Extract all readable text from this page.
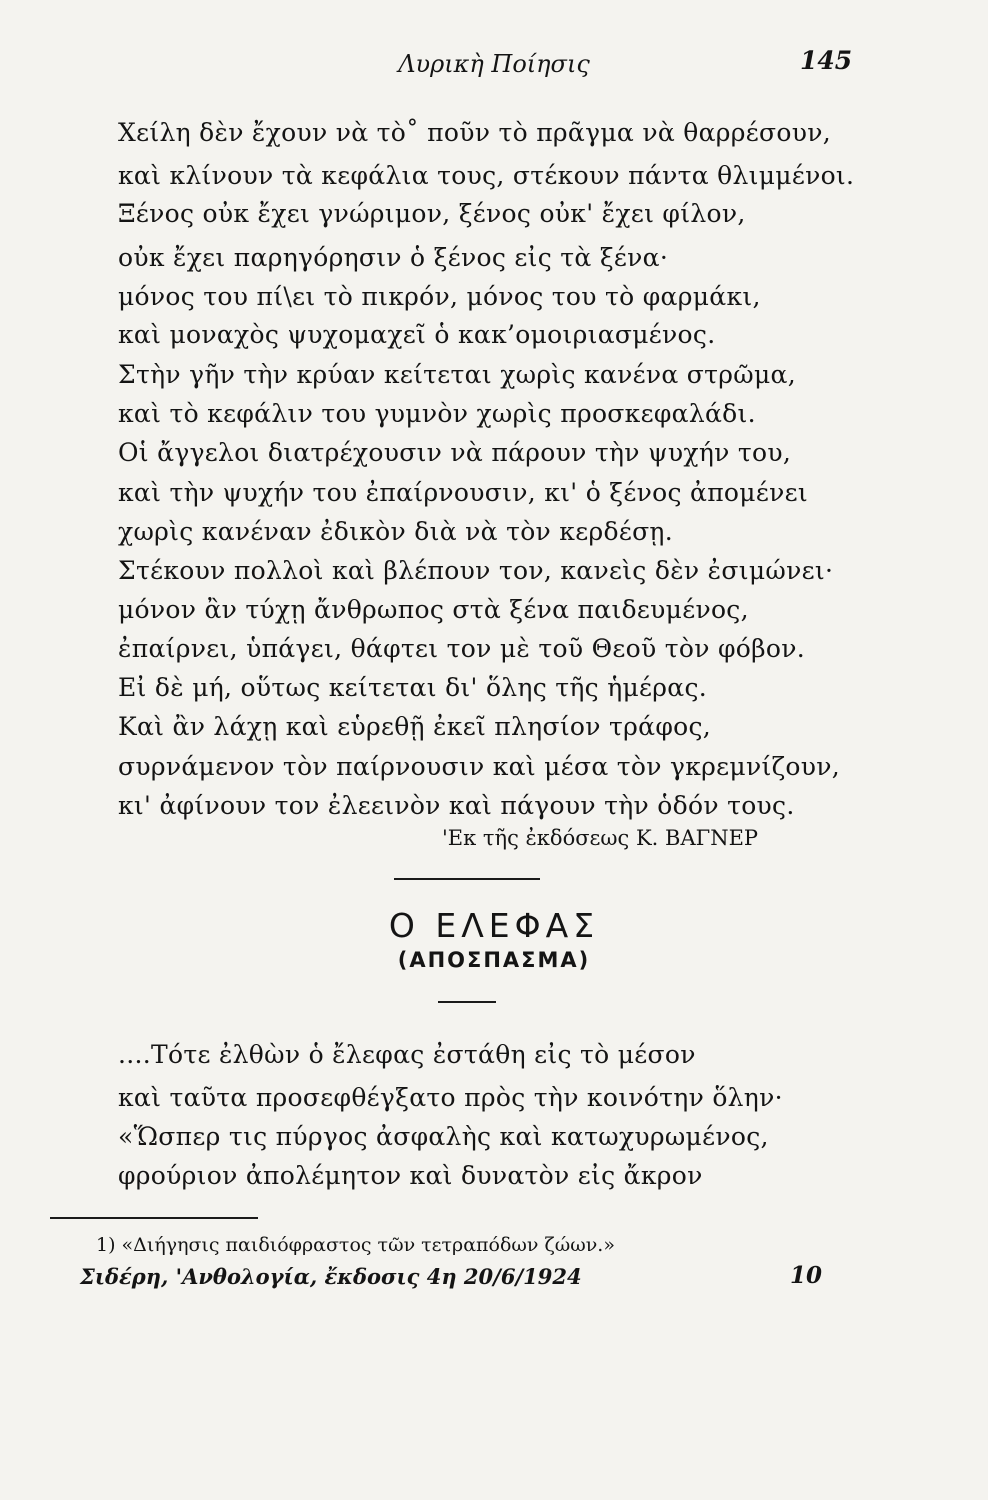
Λυρικὴ Ποίησις	145
Χείλη δὲν ἔχουν νὰ τὸ˚ ποῦν τὸ πρᾶγμα νὰ θαρρέσουν,
καὶ κλίνουν τὰ κεφάλια τους, στέκουν πάντα θλιμμένοι.
Ξένος οὐκ ἔχει γνώριμον, ξένος οὐκ' ἔχει φίλον,
οὐκ ἔχει παρηγόρησιν ὁ ξένος εἰς τὰ ξένα·
μόνος του πί\ει τὸ πικρόν, μόνος του τὸ φαρμάκι,
καὶ μοναχὸς ψυχομαχεῖ ὁ κακ’ομοιριασμένος.
Στὴν γῆν τὴν κρύαν κείτεται χωρὶς κανένα στρῶμα,
καὶ τὸ κεφάλιν του γυμνὸν χωρὶς προσκεφαλάδι.
Οἱ ἄγγελοι διατρέχουσιν νὰ πάρουν τὴν ψυχήν του,
καὶ τὴν ψυχήν του ἐπαίρνουσιν, κι' ὁ ξένος ἀπομένει
χωρὶς κανέναν ἐδικὸν διὰ νὰ τὸν κερδέσῃ.
Στέκουν πολλοὶ καὶ βλέπουν τον, κανεὶς δὲν ἐσιμώνει·
μόνον ἂν τύχῃ ἄνθρωπος στὰ ξένα παιδευμένος,
ἐπαίρνει, ὑπάγει, θάφτει τον μὲ τοῦ Θεοῦ τὸν φόβον.
Εἰ δὲ μή, οὕτως κείτεται δι' ὅλης τῆς ἡμέρας.
Καὶ ἂν λάχῃ καὶ εὑρεθῇ ἐκεῖ πλησίον τράφος,
συρνάμενον τὸν παίρνουσιν καὶ μέσα τὸν γκρεμνίζουν,
κι' ἀφίνουν τον ἐλεεινὸν καὶ πάγουν τὴν ὁδόν τους.
'Εκ τῆς ἐκδόσεως Κ. ΒΑΓΝΕΡ
Ο ΕΛΕΦΑΣ
(ΑΠΟΣΠΑΣΜΑ)
....Τότε ἐλθὼν ὁ ἔλεφας ἐστάθη εἰς τὸ μέσον
καὶ ταῦτα προσεφθέγξατο πρὸς τὴν κοινότην ὅλην·
«Ὥσπερ τις πύργος ἀσφαλὴς καὶ κατωχυρωμένος,
φρούριον ἀπολέμητον καὶ δυνατὸν εἰς ἄκρον
1) «Διήγησις παιδιόφραστος τῶν τετραπόδων ζώων.»
Σιδέρη, 'Ανθολογία, ἔκδοσις 4η 20/6/1924	10
